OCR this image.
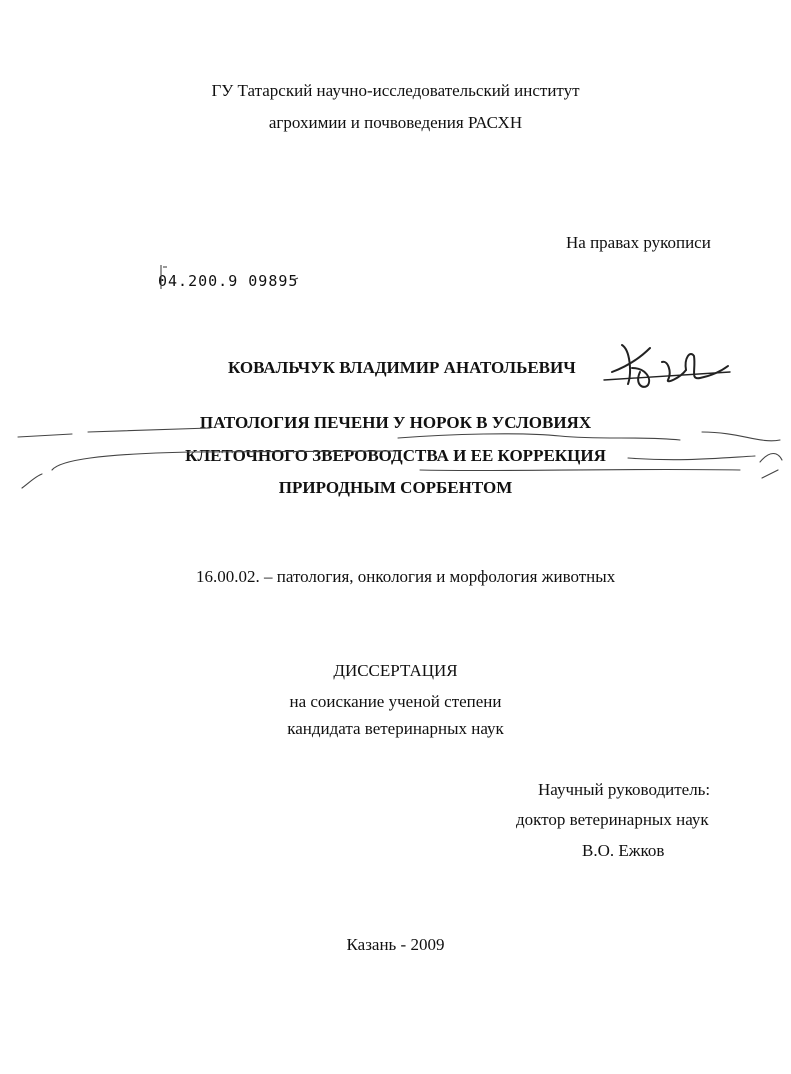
ГУ Татарский научно-исследовательский институт
агрохимии и почвоведения РАСХН
На правах рукописи
04.200.9 09895
КОВАЛЬЧУК ВЛАДИМИР АНАТОЛЬЕВИЧ
ПАТОЛОГИЯ ПЕЧЕНИ У НОРОК В УСЛОВИЯХ
КЛЕТОЧНОГО ЗВЕРОВОДСТВА И ЕЕ КОРРЕКЦИЯ
ПРИРОДНЫМ СОРБЕНТОМ
16.00.02. – патология, онкология и морфология животных
ДИССЕРТАЦИЯ
на соискание ученой степени
кандидата ветеринарных наук
Научный руководитель:
доктор ветеринарных наук
В.О. Ежков
Казань - 2009
